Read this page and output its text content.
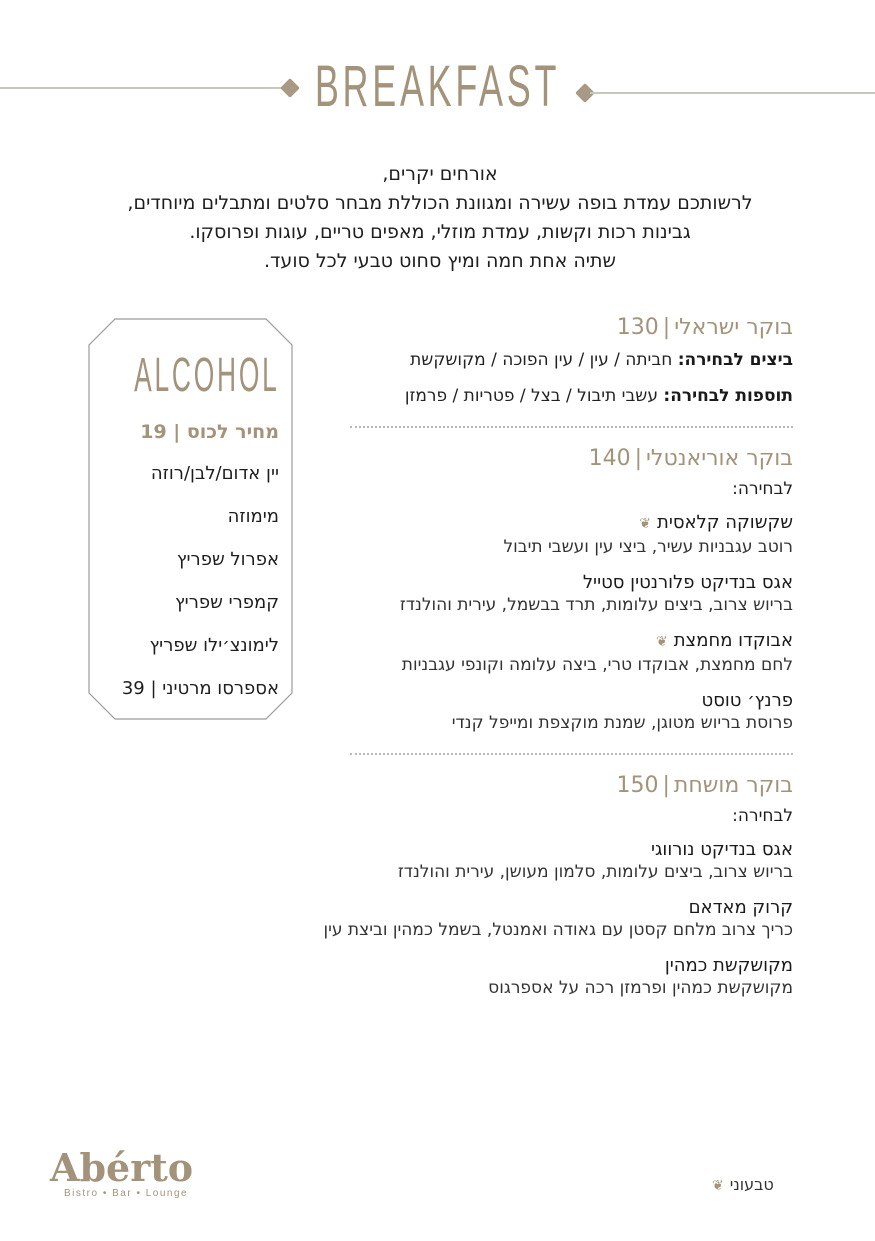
BREAKFAST
אורחים יקרים,
לרשותכם עמדת בופה עשירה ומגוונת הכוללת מבחר סלטים ומתבלים מיוחדים,
גבינות רכות וקשות, עמדת מוזלי, מאפים טריים, עוגות ופרוסקו.
שתיה אחת חמה ומיץ סחוט טבעי לכל סועד.
ALCOHOL
מחיר לכוס | 19
יין אדום/לבן/רוזה
מימוזה
אפרול שפריץ
קמפרי שפריץ
לימונצ׳ילו שפריץ
אספרסו מרטיני | 39
בוקר ישראלי|130
ביצים לבחירה: חביתה / עין / עין הפוכה / מקושקשת
תוספות לבחירה: עשבי תיבול / בצל / פטריות / פרמזן
בוקר אוריאנטלי|140
לבחירה:
שקשוקה קלאסית❦
רוטב עגבניות עשיר, ביצי עין ועשבי תיבול
אגס בנדיקט פלורנטין סטייל
בריוש צרוב, ביצים עלומות, תרד בבשמל, עירית והולנדז
אבוקדו מחמצת❦
לחם מחמצת, אבוקדו טרי, ביצה עלומה וקונפי עגבניות
פרנץ׳ טוסט
פרוסת בריוש מטוגן, שמנת מוקצפת ומייפל קנדי
בוקר מושחת|150
לבחירה:
אגס בנדיקט נורווגי
בריוש צרוב, ביצים עלומות, סלמון מעושן, עירית והולנדז
קרוק מאדאם
כריך צרוב מלחם קסטן עם גאודה ואמנטל, בשמל כמהין וביצת עין
מקושקשת כמהין
מקושקשת כמהין ופרמזן רכה על אספרגוס
Abérto
Bistro • Bar • Lounge	טבעוני❦
